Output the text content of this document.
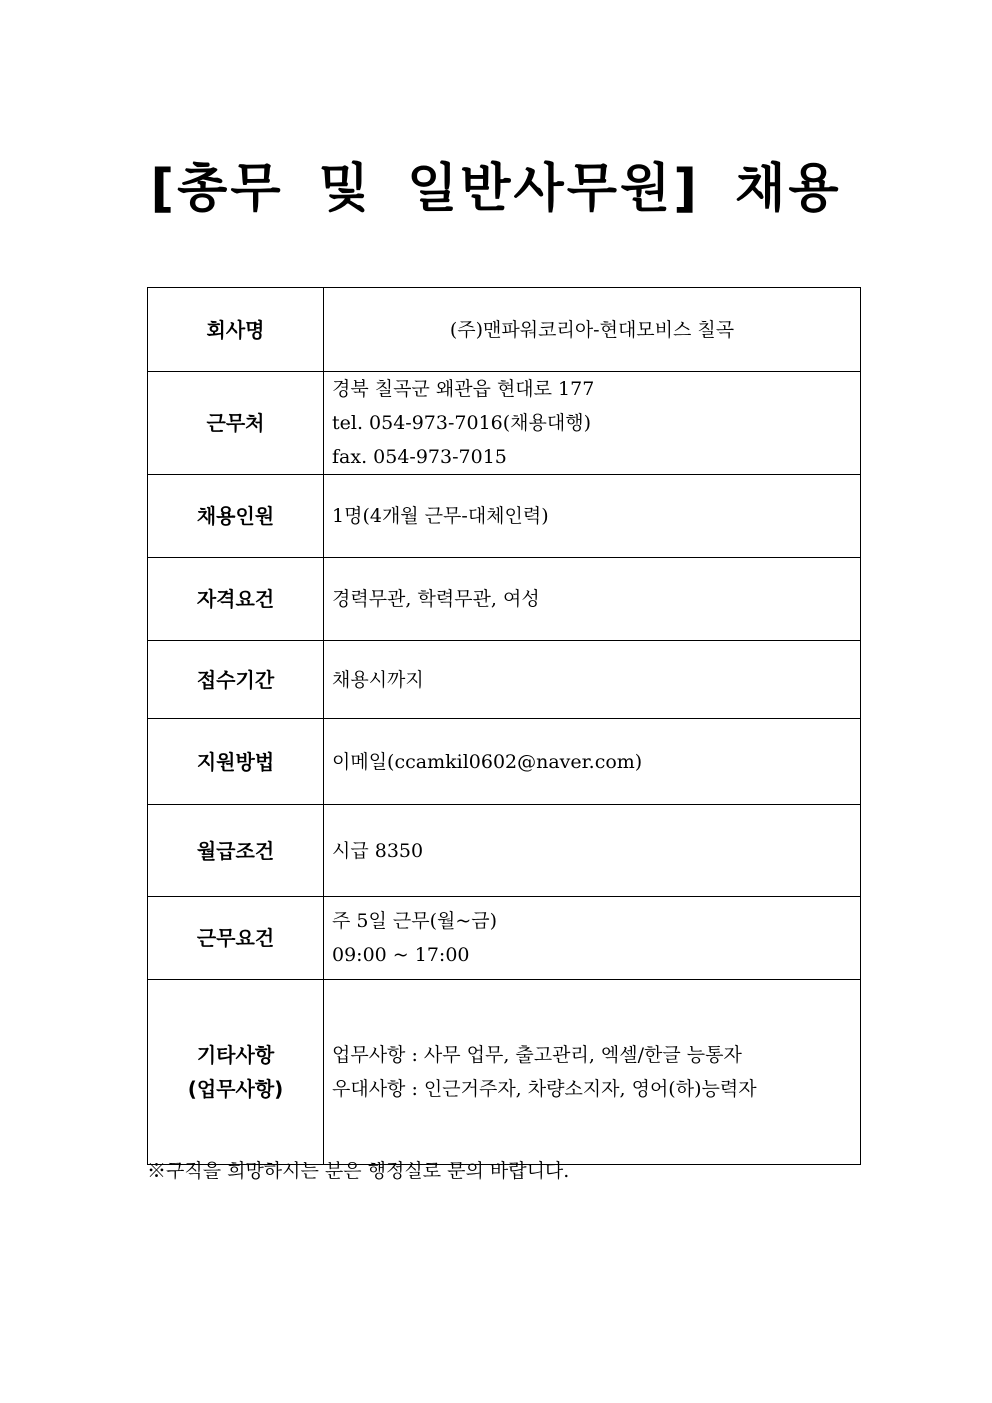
[총무 및 일반사무원] 채용
회사명	(주)맨파워코리아-현대모비스 칠곡

근무처	경북 칠곡군 왜관읍 현대로 177
tel. 054-973-7016(채용대행)
fax. 054-973-7015

채용인원	1명(4개월 근무-대체인력)

자격요건	경력무관, 학력무관, 여성

접수기간	채용시까지

지원방법	이메일(ccamkil0602@naver.com)

월급조건	시급 8350

근무요건	주 5일 근무(월~금)
09:00 ~ 17:00

기타사항
(업무사항)	업무사항 : 사무 업무, 출고관리, 엑셀/한글 능통자
우대사항 : 인근거주자, 차량소지자, 영어(하)능력자

※구직을 희망하시는 분은 행정실로 문의 바랍니다.
